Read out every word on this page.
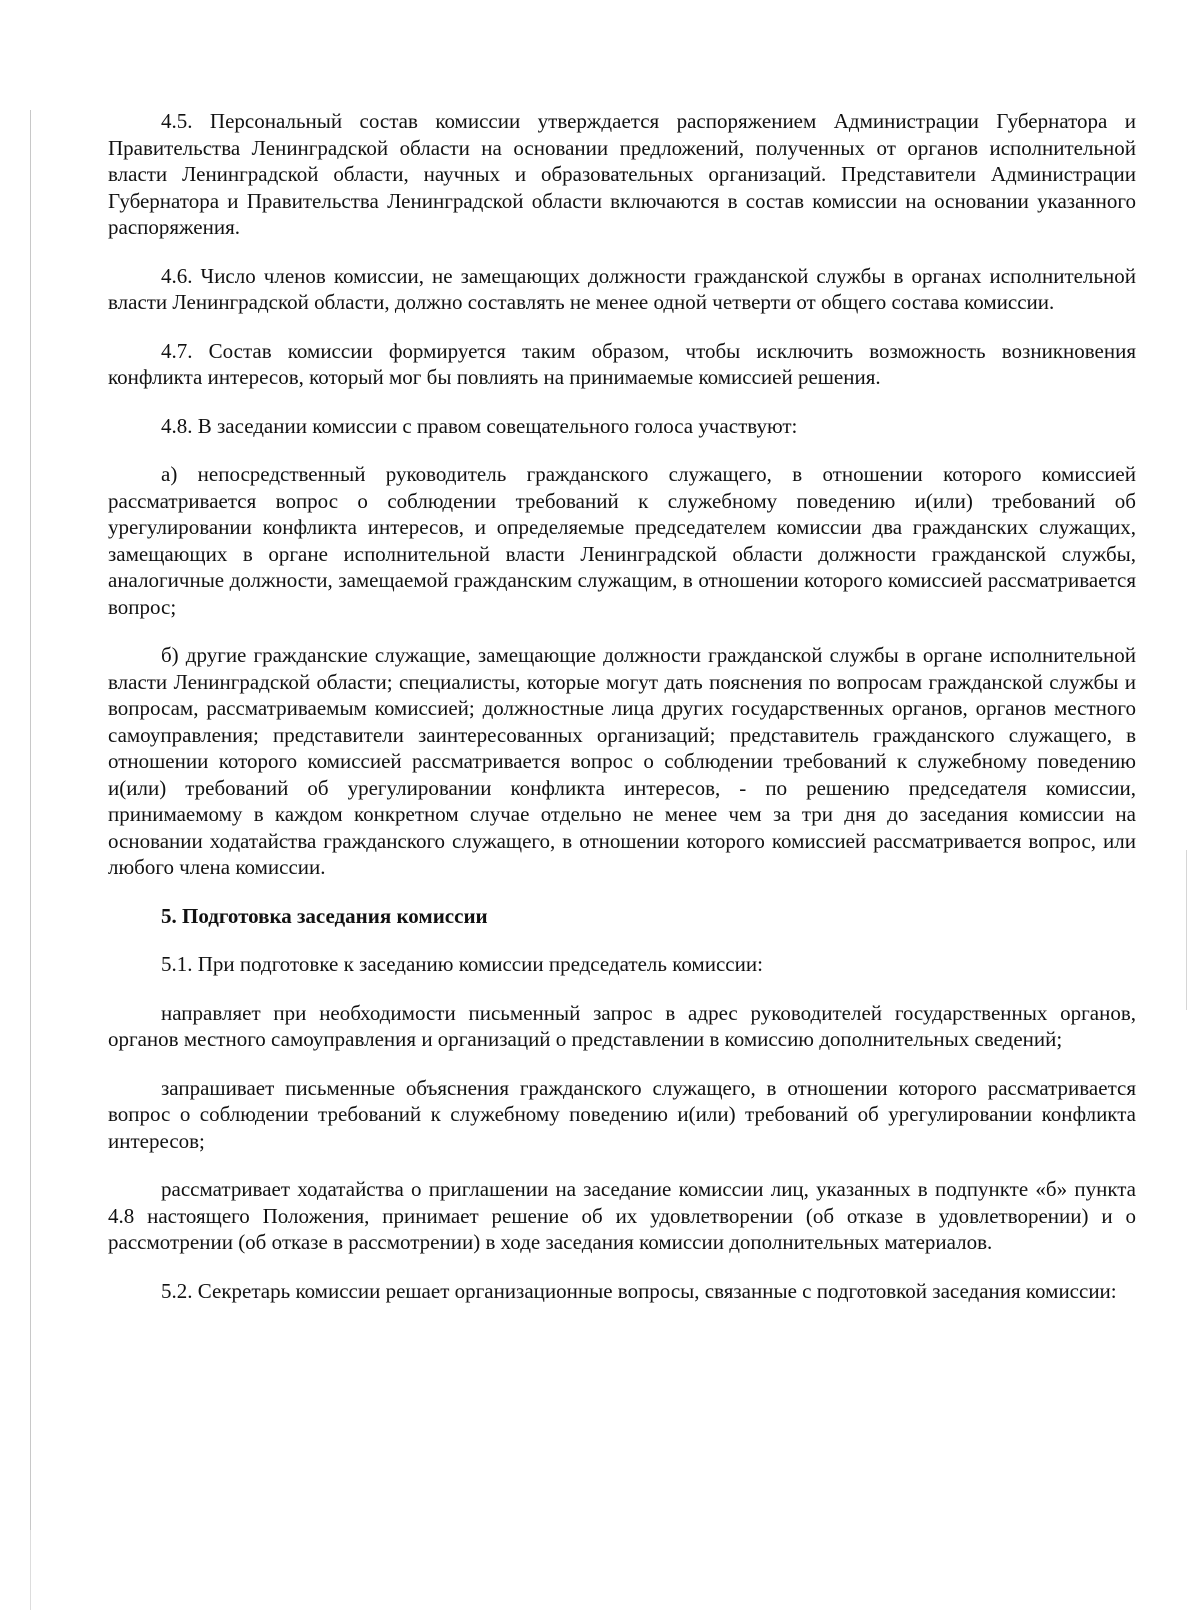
4.5. Персональный состав комиссии утверждается распоряжением Администрации Губернатора и Правительства Ленинградской области на основании предложений, полученных от органов исполнительной власти Ленинградской области, научных и образовательных организаций. Представители Администрации Губернатора и Правительства Ленинградской области включаются в состав комиссии на основании указанного распоряжения.

4.6. Число членов комиссии, не замещающих должности гражданской службы в органах исполнительной власти Ленинградской области, должно составлять не менее одной четверти от общего состава комиссии.

4.7. Состав комиссии формируется таким образом, чтобы исключить возможность возникновения конфликта интересов, который мог бы повлиять на принимаемые комиссией решения.

4.8. В заседании комиссии с правом совещательного голоса участвуют:

а) непосредственный руководитель гражданского служащего, в отношении которого комиссией рассматривается вопрос о соблюдении требований к служебному поведению и(или) требований об урегулировании конфликта интересов, и определяемые председателем комиссии два гражданских служащих, замещающих в органе исполнительной власти Ленинградской области должности гражданской службы, аналогичные должности, замещаемой гражданским служащим, в отношении которого комиссией рассматривается вопрос;

б) другие гражданские служащие, замещающие должности гражданской службы в органе исполнительной власти Ленинградской области; специалисты, которые могут дать пояснения по вопросам гражданской службы и вопросам, рассматриваемым комиссией; должностные лица других государственных органов, органов местного самоуправления; представители заинтересованных организаций; представитель гражданского служащего, в отношении которого комиссией рассматривается вопрос о соблюдении требований к служебному поведению и(или) требований об урегулировании конфликта интересов, - по решению председателя комиссии, принимаемому в каждом конкретном случае отдельно не менее чем за три дня до заседания комиссии на основании ходатайства гражданского служащего, в отношении которого комиссией рассматривается вопрос, или любого члена комиссии.

5. Подготовка заседания комиссии

5.1. При подготовке к заседанию комиссии председатель комиссии:

направляет при необходимости письменный запрос в адрес руководителей государственных органов, органов местного самоуправления и организаций о представлении в комиссию дополнительных сведений;

запрашивает письменные объяснения гражданского служащего, в отношении которого рассматривается вопрос о соблюдении требований к служебному поведению и(или) требований об урегулировании конфликта интересов;

рассматривает ходатайства о приглашении на заседание комиссии лиц, указанных в подпункте «б» пункта 4.8 настоящего Положения, принимает решение об их удовлетворении (об отказе в удовлетворении) и о рассмотрении (об отказе в рассмотрении) в ходе заседания комиссии дополнительных материалов.

5.2. Секретарь комиссии решает организационные вопросы, связанные с подготовкой заседания комиссии:
